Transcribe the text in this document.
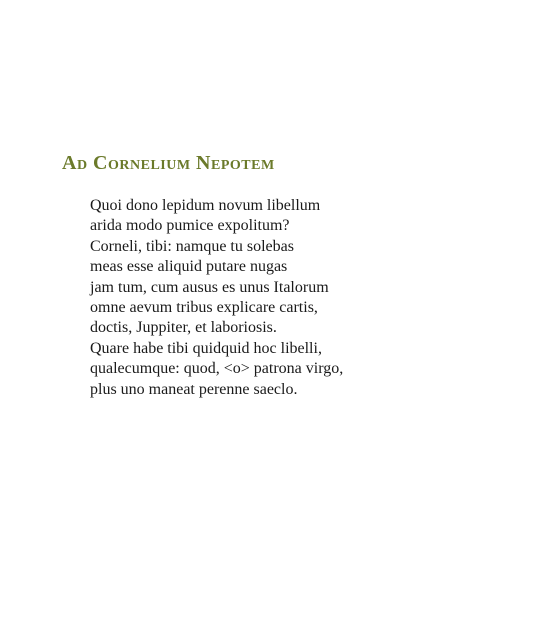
Ad Cornelium Nepotem
Quoi dono lepidum novum libellum
arida modo pumice expolitum?
Corneli, tibi: namque tu solebas
meas esse aliquid putare nugas
jam tum, cum ausus es unus Italorum
omne aevum tribus explicare cartis,
doctis, Juppiter, et laboriosis.
Quare habe tibi quidquid hoc libelli,
qualecumque: quod, <o> patrona virgo,
plus uno maneat perenne saeclo.
